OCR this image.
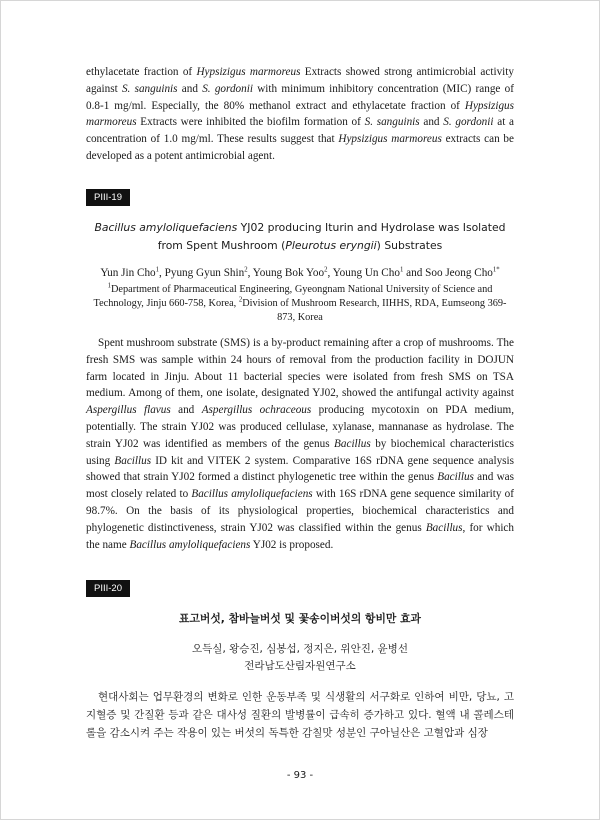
ethylacetate fraction of Hypsizigus marmoreus Extracts showed strong antimicrobial activity against S. sanguinis and S. gordonii with minimum inhibitory concentration (MIC) range of 0.8-1 mg/ml. Especially, the 80% methanol extract and ethylacetate fraction of Hypsizigus marmoreus Extracts were inhibited the biofilm formation of S. sanguinis and S. gordonii at a concentration of 1.0 mg/ml. These results suggest that Hypsizigus marmoreus extracts can be developed as a potent antimicrobial agent.

PIII-19

Bacillus amyloliquefaciens YJ02 producing Iturin and Hydrolase was Isolated from Spent Mushroom (Pleurotus eryngii) Substrates

Yun Jin Cho$^1$, Pyung Gyun Shin$^2$, Young Bok Yoo$^2$, Young Un Cho$^1$ and Soo Jeong Cho$^{1*}$

$^1$Department of Pharmaceutical Engineering, Gyeongnam National University of Science and Technology, Jinju 660-758, Korea, $^2$Division of Mushroom Research, IIHHS, RDA, Eumseong 369-873, Korea

Spent mushroom substrate (SMS) is a by-product remaining after a crop of mushrooms. The fresh SMS was sample within 24 hours of removal from the production facility in DOJUN farm located in Jinju. About 11 bacterial species were isolated from fresh SMS on TSA medium. Among of them, one isolate, designated YJ02, showed the antifungal activity against Aspergillus flavus and Aspergillus ochraceous producing mycotoxin on PDA medium, potentially. The strain YJ02 was produced cellulase, xylanase, mannanase as hydrolase. The strain YJ02 was identified as members of the genus Bacillus by biochemical characteristics using Bacillus ID kit and VITEK 2 system. Comparative 16S rDNA gene sequence analysis showed that strain YJ02 formed a distinct phylogenetic tree within the genus Bacillus and was most closely related to Bacillus amyloliquefaciens with 16S rDNA gene sequence similarity of 98.7%. On the basis of its physiological properties, biochemical characteristics and phylogenetic distinctiveness, strain YJ02 was classified within the genus Bacillus, for which the name Bacillus amyloliquefaciens YJ02 is proposed.

PIII-20

표고버섯, 참바늘버섯 및 꽃송이버섯의 항비만 효과

오득실, 왕승진, 심봉섭, 정지은, 위안진, 윤병선

전라남도산림자원연구소

현대사회는 업무환경의 변화로 인한 운동부족 및 식생활의 서구화로 인하여 비만, 당뇨, 고지혈증 및 간질환 등과 같은 대사성 질환의 발병률이 급속히 증가하고 있다. 혈액 내 콜레스테롤을 감소시켜 주는 작용이 있는 버섯의 독특한 감칠맛 성분인 구아닐산은 고혈압과 심장

- 93 -
